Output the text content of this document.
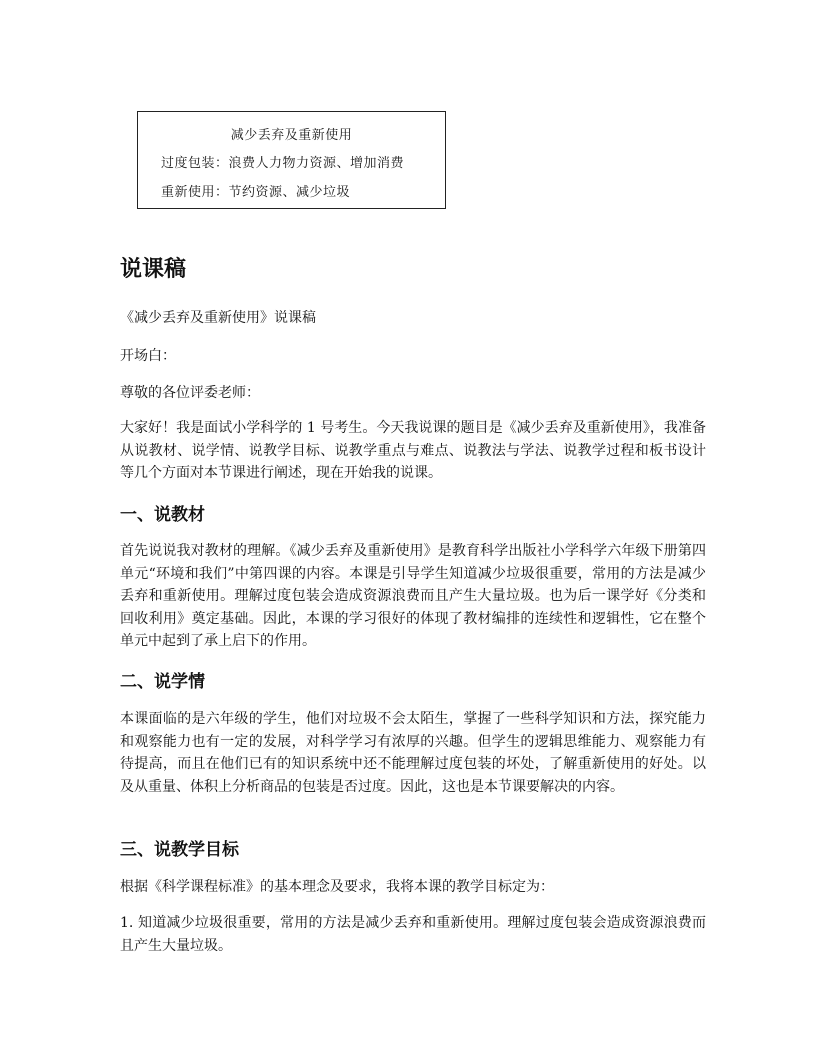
减少丢弃及重新使用
过度包装：浪费人力物力资源、增加消费
重新使用：节约资源、减少垃圾
说课稿

《减少丢弃及重新使用》说课稿

开场白：

尊敬的各位评委老师：

大家好！我是面试小学科学的 1 号考生。今天我说课的题目是《减少丢弃及重新使用》，我准备从说教材、说学情、说教学目标、说教学重点与难点、说教法与学法、说教学过程和板书设计等几个方面对本节课进行阐述，现在开始我的说课。

一、说教材

首先说说我对教材的理解。《减少丢弃及重新使用》是教育科学出版社小学科学六年级下册第四单元“环境和我们”中第四课的内容。本课是引导学生知道减少垃圾很重要，常用的方法是减少丢弃和重新使用。理解过度包装会造成资源浪费而且产生大量垃圾。也为后一课学好《分类和回收利用》奠定基础。因此，本课的学习很好的体现了教材编排的连续性和逻辑性，它在整个单元中起到了承上启下的作用。

二、说学情

本课面临的是六年级的学生，他们对垃圾不会太陌生，掌握了一些科学知识和方法，探究能力和观察能力也有一定的发展，对科学学习有浓厚的兴趣。但学生的逻辑思维能力、观察能力有待提高，而且在他们已有的知识系统中还不能理解过度包装的坏处，了解重新使用的好处。以及从重量、体积上分析商品的包装是否过度。因此，这也是本节课要解决的内容。

三、说教学目标

根据《科学课程标准》的基本理念及要求，我将本课的教学目标定为：

1. 知道减少垃圾很重要，常用的方法是减少丢弃和重新使用。理解过度包装会造成资源浪费而且产生大量垃圾。
